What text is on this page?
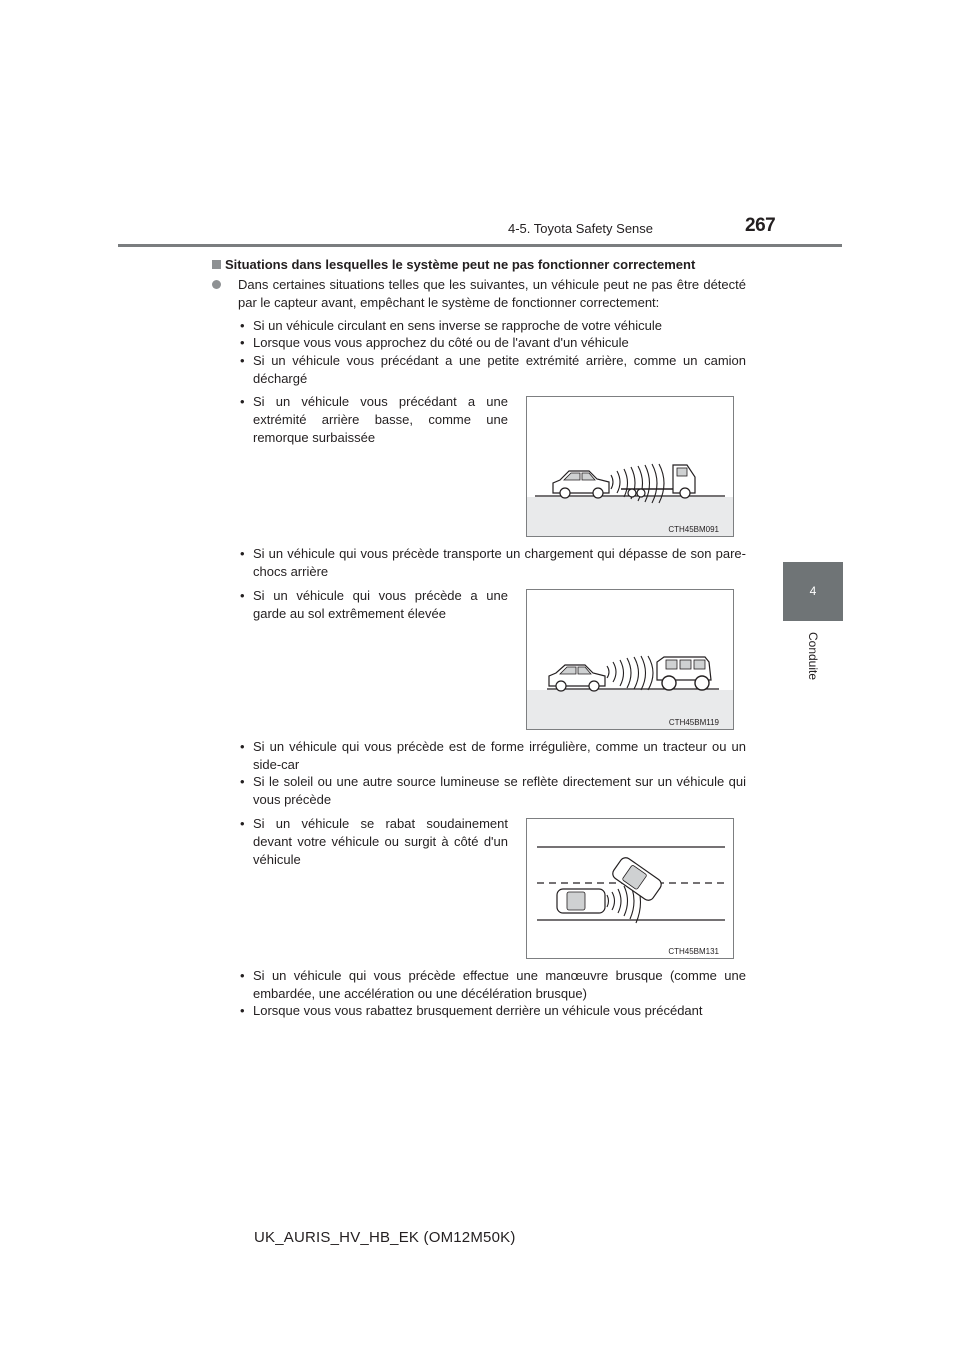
4-5. Toyota Safety Sense	267
4
Conduite
Situations dans lesquelles le système peut ne pas fonctionner correctement
Dans certaines situations telles que les suivantes, un véhicule peut ne pas être détecté par le capteur avant, empêchant le système de fonctionner correctement:
• Si un véhicule circulant en sens inverse se rapproche de votre véhicule
• Lorsque vous vous approchez du côté ou de l'avant d'un véhicule
• Si un véhicule vous précédant a une petite extrémité arrière, comme un camion déchargé
• Si un véhicule vous précédant a une extrémité arrière basse, comme une remorque surbaissée
• Si un véhicule qui vous précède transporte un chargement qui dépasse de son pare-chocs arrière
• Si un véhicule qui vous précède a une garde au sol extrêmement élevée
• Si un véhicule qui vous précède est de forme irrégulière, comme un tracteur ou un side-car
• Si le soleil ou une autre source lumineuse se reflète directement sur un véhicule qui vous précède
• Si un véhicule se rabat soudainement devant votre véhicule ou surgit à côté d'un véhicule
• Si un véhicule qui vous précède effectue une manœuvre brusque (comme une embardée, une accélération ou une décélération brusque)
• Lorsque vous vous rabattez brusquement derrière un véhicule vous précédant
CTH45BM091
CTH45BM119
CTH45BM131
UK_AURIS_HV_HB_EK (OM12M50K)
